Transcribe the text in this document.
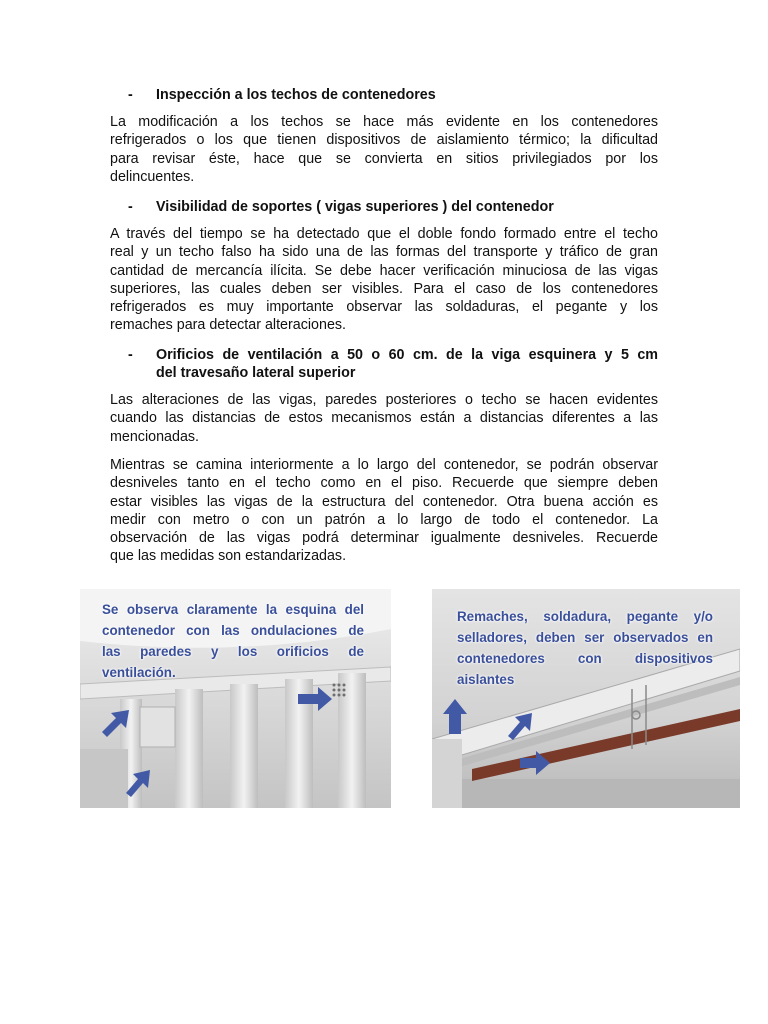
-	Inspección a los techos de contenedores
La modificación a los techos se hace más evidente en los contenedores
refrigerados o los que tienen dispositivos de aislamiento térmico; la dificultad
para revisar éste, hace que se convierta en sitios privilegiados por los
delincuentes.
-	Visibilidad de soportes ( vigas superiores ) del contenedor
A través del tiempo se ha detectado que el doble fondo formado entre el techo
real y un techo falso ha sido una de las formas del transporte y tráfico de gran
cantidad de mercancía ilícita. Se debe hacer verificación minuciosa de las vigas
superiores, las cuales deben ser visibles. Para el caso de los contenedores
refrigerados es muy importante observar las soldaduras, el pegante y los
remaches para detectar alteraciones.
-	Orificios de ventilación a 50 o 60 cm. de la viga esquinera y 5 cm
del travesaño lateral superior
Las alteraciones de las vigas, paredes posteriores o techo se hacen evidentes
cuando las distancias de estos mecanismos están a distancias diferentes a las
mencionadas.
Mientras se camina interiormente a lo largo del contenedor, se podrán observar
desniveles tanto en el techo como en el piso. Recuerde que siempre deben
estar visibles las vigas de la estructura del contenedor. Otra buena acción es
medir con metro o con un patrón a lo largo de todo el contenedor. La
observación de las vigas podrá determinar igualmente desniveles. Recuerde
que las medidas son estandarizadas.
Se observa claramente la esquina del
contenedor con las ondulaciones de
las paredes y los orificios de
ventilación.
Remaches, soldadura, pegante y/o
selladores, deben ser observados en
contenedores con dispositivos
aislantes
